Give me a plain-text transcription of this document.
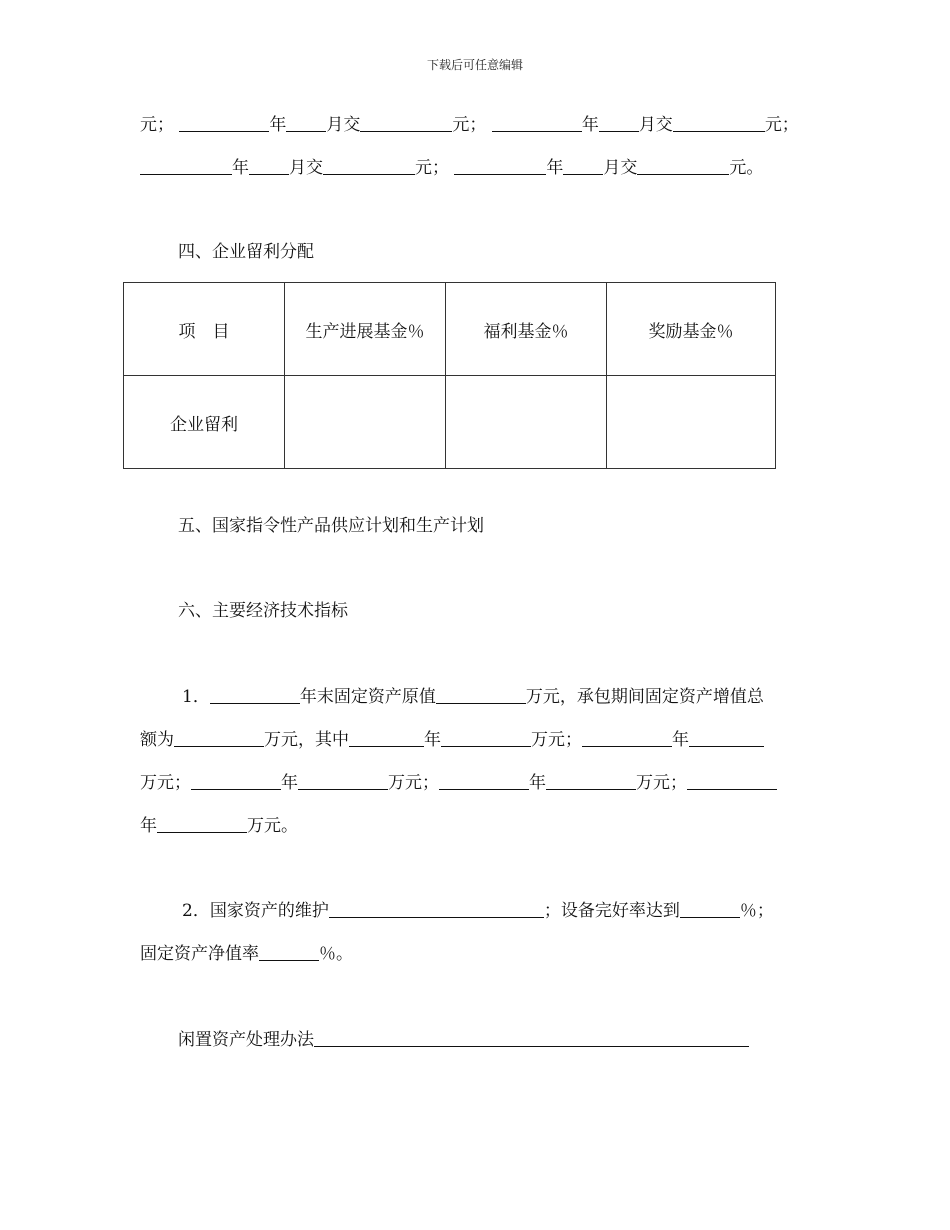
下载后可任意编辑
元；	年 月交	元；	年 月交	元；
年 月交	元；	年 月交	元。
四、企业留利分配
项　目	生产进展基金％	福利基金％	奖励基金％
企业留利			
五、国家指令性产品供应计划和生产计划
六、主要经济技术指标
1．	年末固定资产原值	万元，承包期间固定资产增值总
额为	万元，其中	年	万元；	年
万元；	年	万元；	年	万元；
年	万元。
2．国家资产的维护	；设备完好率达到	％；
固定资产净值率	％。
闲置资产处理办法
